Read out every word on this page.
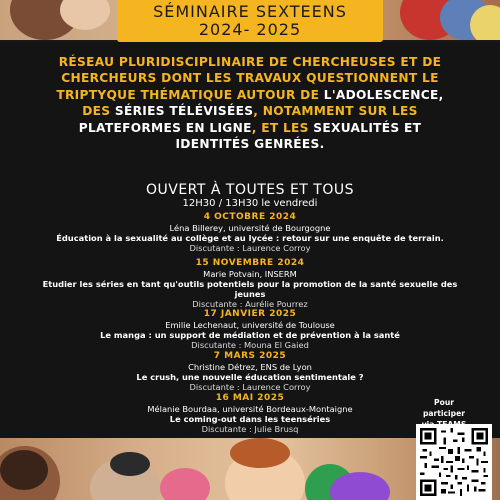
SÉMINAIRE SEXTEENS
2024- 2025
RÉSEAU PLURIDISCIPLINAIRE DE CHERCHEUSES ET DE CHERCHEURS DONT LES TRAVAUX QUESTIONNENT LE TRIPTYQUE THÉMATIQUE AUTOUR DE L'ADOLESCENCE,
DES SÉRIES TÉLÉVISÉES, NOTAMMENT SUR LES PLATEFORMES EN LIGNE, ET LES SEXUALITÉS ET IDENTITÉS GENRÉES.
OUVERT À TOUTES ET TOUS
12H30 / 13H30 le vendredi
4 OCTOBRE 2024
Léna Billerey, université de Bourgogne
Éducation à la sexualité au collège et au lycée : retour sur une enquête de terrain.
Discutante : Laurence Corroy
15 NOVEMBRE 2024
Marie Potvain, INSERM
Etudier les séries en tant qu'outils potentiels pour la promotion de la santé sexuelle des jeunes
Discutante : Aurélie Pourrez
17 JANVIER 2025
Emilie Lechenaut, université de Toulouse
Le manga : un support de médiation et de prévention à la santé
Discutante : Mouna El Gaied
7 MARS 2025
Christine Détrez, ENS de Lyon
Le crush, une nouvelle éducation sentimentale ?
Discutante : Laurence Corroy
16 MAI 2025
Mélanie Bourdaa, université Bordeaux-Montaigne
Le coming-out dans les teenséries
Discutante : Julie Brusq
Pour participer
